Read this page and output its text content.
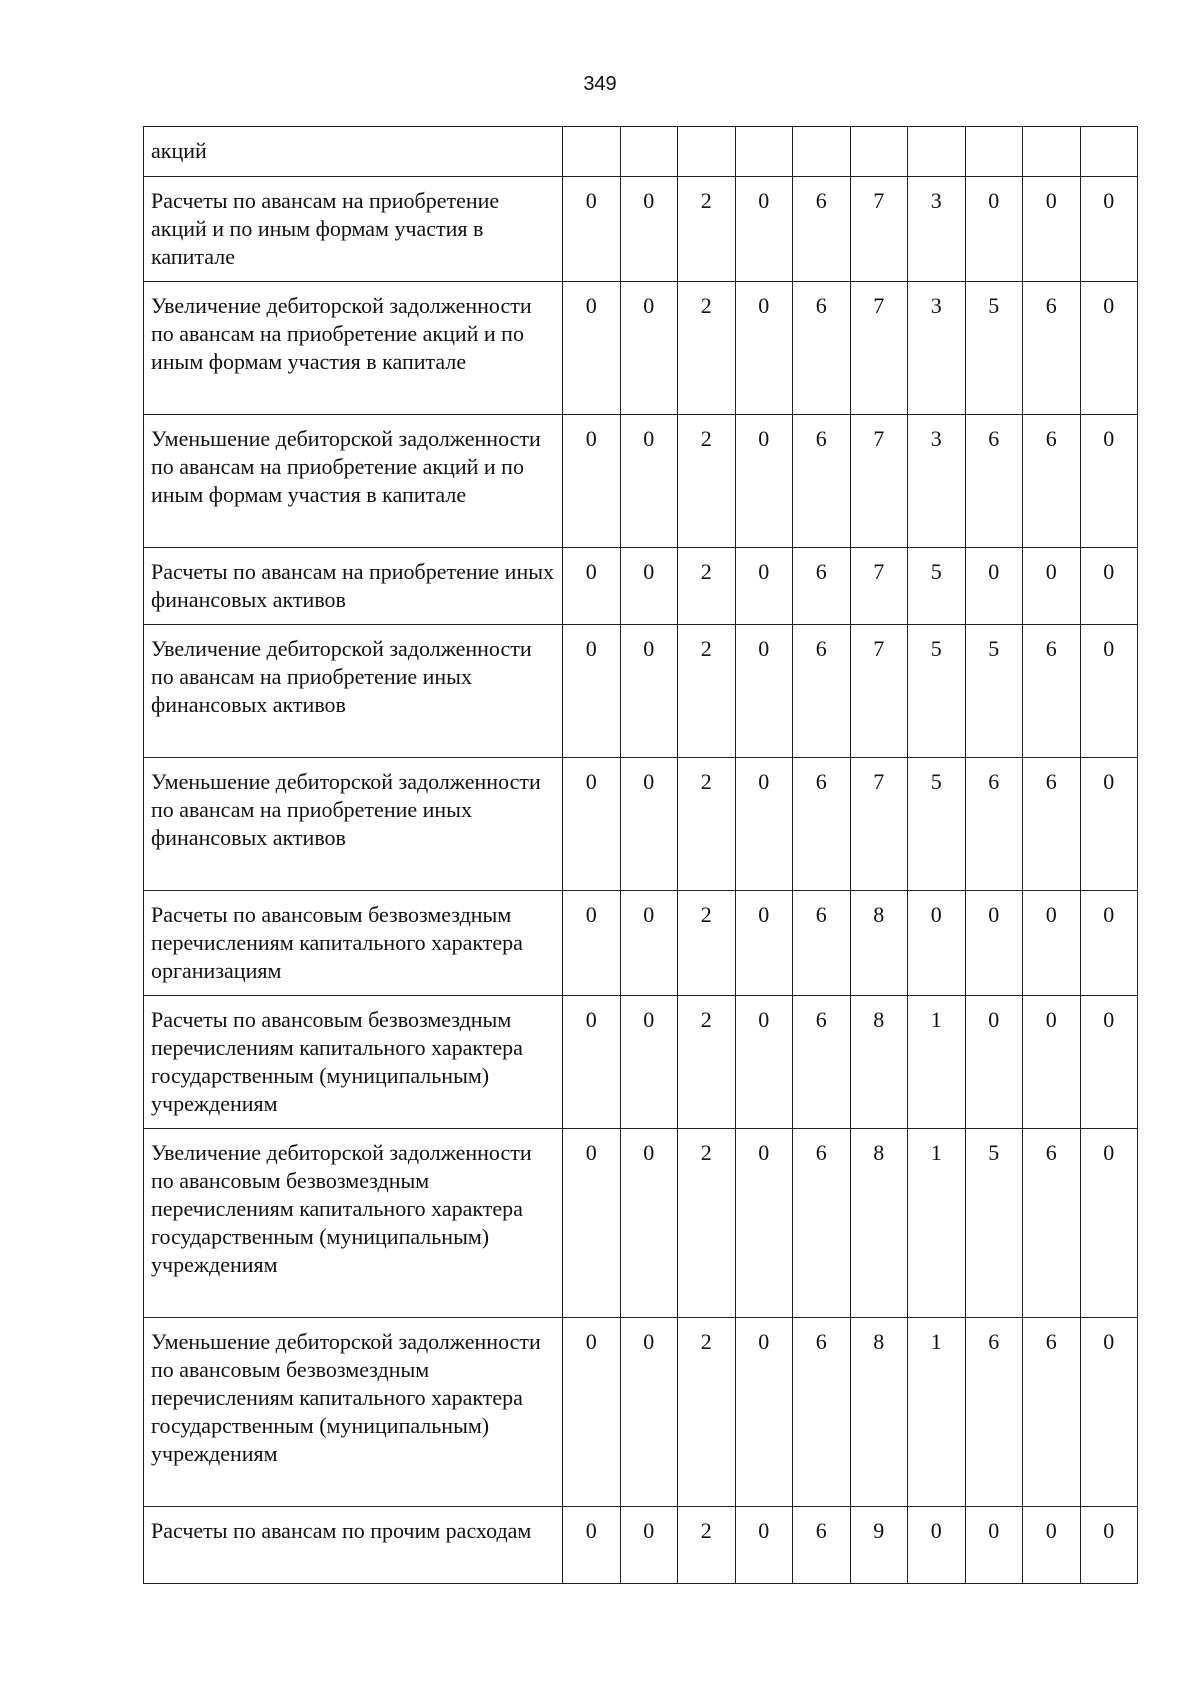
349
акций										
Расчеты по авансам на приобретение акций и по иным формам участия в капитале	0	0	2	0	6	7	3	0	0	0
Увеличение дебиторской задолженности по авансам на приобретение акций и по иным формам участия в капитале	0	0	2	0	6	7	3	5	6	0
Уменьшение дебиторской задолженности по авансам на приобретение акций и по иным формам участия в капитале	0	0	2	0	6	7	3	6	6	0
Расчеты по авансам на приобретение иных финансовых активов	0	0	2	0	6	7	5	0	0	0
Увеличение дебиторской задолженности по авансам на приобретение иных финансовых активов	0	0	2	0	6	7	5	5	6	0
Уменьшение дебиторской задолженности по авансам на приобретение иных финансовых активов	0	0	2	0	6	7	5	6	6	0
Расчеты по авансовым безвозмездным перечислениям капитального характера организациям	0	0	2	0	6	8	0	0	0	0
Расчеты по авансовым безвозмездным перечислениям капитального характера государственным (муниципальным) учреждениям	0	0	2	0	6	8	1	0	0	0
Увеличение дебиторской задолженности по авансовым безвозмездным перечислениям капитального характера государственным (муниципальным) учреждениям	0	0	2	0	6	8	1	5	6	0
Уменьшение дебиторской задолженности по авансовым безвозмездным перечислениям капитального характера государственным (муниципальным) учреждениям	0	0	2	0	6	8	1	6	6	0
Расчеты по авансам по прочим расходам	0	0	2	0	6	9	0	0	0	0
